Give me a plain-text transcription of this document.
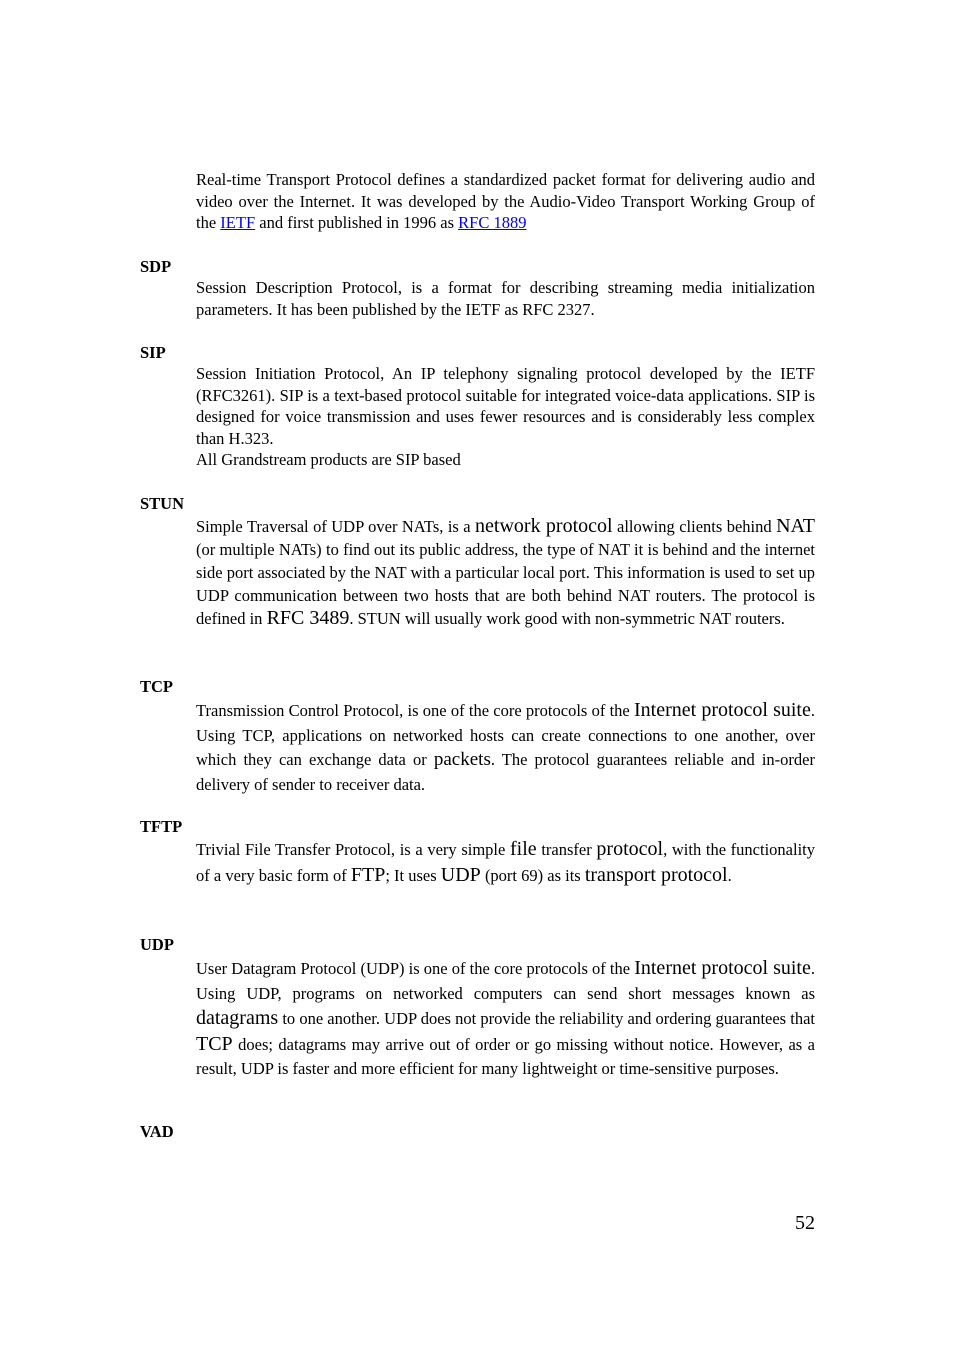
Real-time Transport Protocol defines a standardized packet format for delivering audio and video over the Internet. It was developed by the Audio-Video Transport Working Group of the IETF and first published in 1996 as RFC 1889

SDP

Session Description Protocol, is a format for describing streaming media initialization parameters. It has been published by the IETF as RFC 2327.

SIP

Session Initiation Protocol, An IP telephony signaling protocol developed by the IETF (RFC3261). SIP is a text-based protocol suitable for integrated voice-data applications. SIP is designed for voice transmission and uses fewer resources and is considerably less complex than H.323.
All Grandstream products are SIP based

STUN

Simple Traversal of UDP over NATs, is a network protocol allowing clients behind NAT (or multiple NATs) to find out its public address, the type of NAT it is behind and the internet side port associated by the NAT with a particular local port. This information is used to set up UDP communication between two hosts that are both behind NAT routers. The protocol is defined in RFC 3489. STUN will usually work good with non-symmetric NAT routers.

TCP

Transmission Control Protocol, is one of the core protocols of the Internet protocol suite. Using TCP, applications on networked hosts can create connections to one another, over which they can exchange data or packets. The protocol guarantees reliable and in-order delivery of sender to receiver data.

TFTP

Trivial File Transfer Protocol, is a very simple file transfer protocol, with the functionality of a very basic form of FTP; It uses UDP (port 69) as its transport protocol.

UDP

User Datagram Protocol (UDP) is one of the core protocols of the Internet protocol suite. Using UDP, programs on networked computers can send short messages known as datagrams to one another. UDP does not provide the reliability and ordering guarantees that TCP does; datagrams may arrive out of order or go missing without notice. However, as a result, UDP is faster and more efficient for many lightweight or time-sensitive purposes.

VAD

52
